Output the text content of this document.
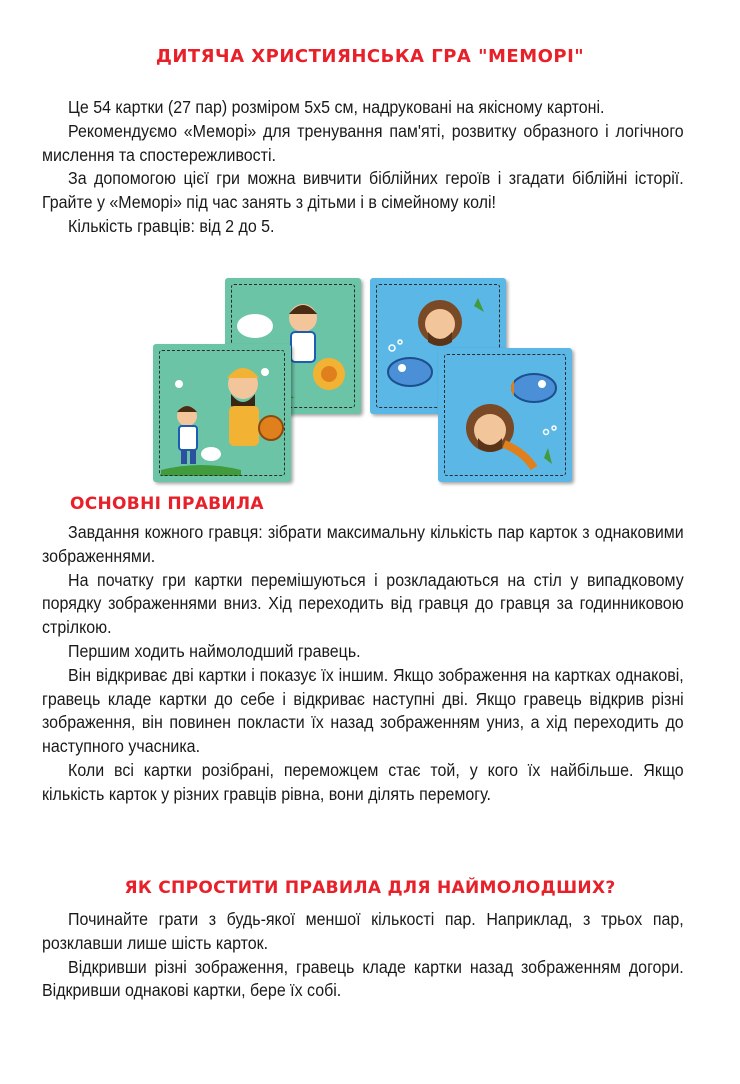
ДИТЯЧА ХРИСТИЯНСЬКА ГРА "МЕМОРІ"

Це 54 картки (27 пар) розміром 5х5 см, надруковані на якісному картоні.

Рекомендуємо «Меморі» для тренування пам'яті, розвитку образного і логічного мислення та спостережливості.

За допомогою цієї гри можна вивчити біблійних героїв і згадати біблійні історії. Грайте у «Меморі» під час занять з дітьми і в сімейному колі!

Кількість гравців: від 2 до 5.

ОСНОВНІ ПРАВИЛА

Завдання кожного гравця: зібрати максимальну кількість пар карток з однаковими зображеннями.

На початку гри картки перемішуються і розкладаються на стіл у випадковому порядку зображеннями вниз. Хід переходить від гравця до гравця за годинниковою стрілкою.

Першим ходить наймолодший гравець.

Він відкриває дві картки і показує їх іншим. Якщо зображення на картках однакові, гравець кладе картки до себе і відкриває наступні дві. Якщо гравець відкрив різні зображення, він повинен покласти їх назад зображенням униз, а хід переходить до наступного учасника.

Коли всі картки розібрані, переможцем стає той, у кого їх найбільше. Якщо кількість карток у різних гравців рівна, вони ділять перемогу.

ЯК СПРОСТИТИ ПРАВИЛА ДЛЯ НАЙМОЛОДШИХ?

Починайте грати з будь-якої меншої кількості пар. Наприклад, з трьох пар, розклавши лише шість карток.

Відкривши різні зображення, гравець кладе картки назад зображенням догори. Відкривши однакові картки, бере їх собі.
